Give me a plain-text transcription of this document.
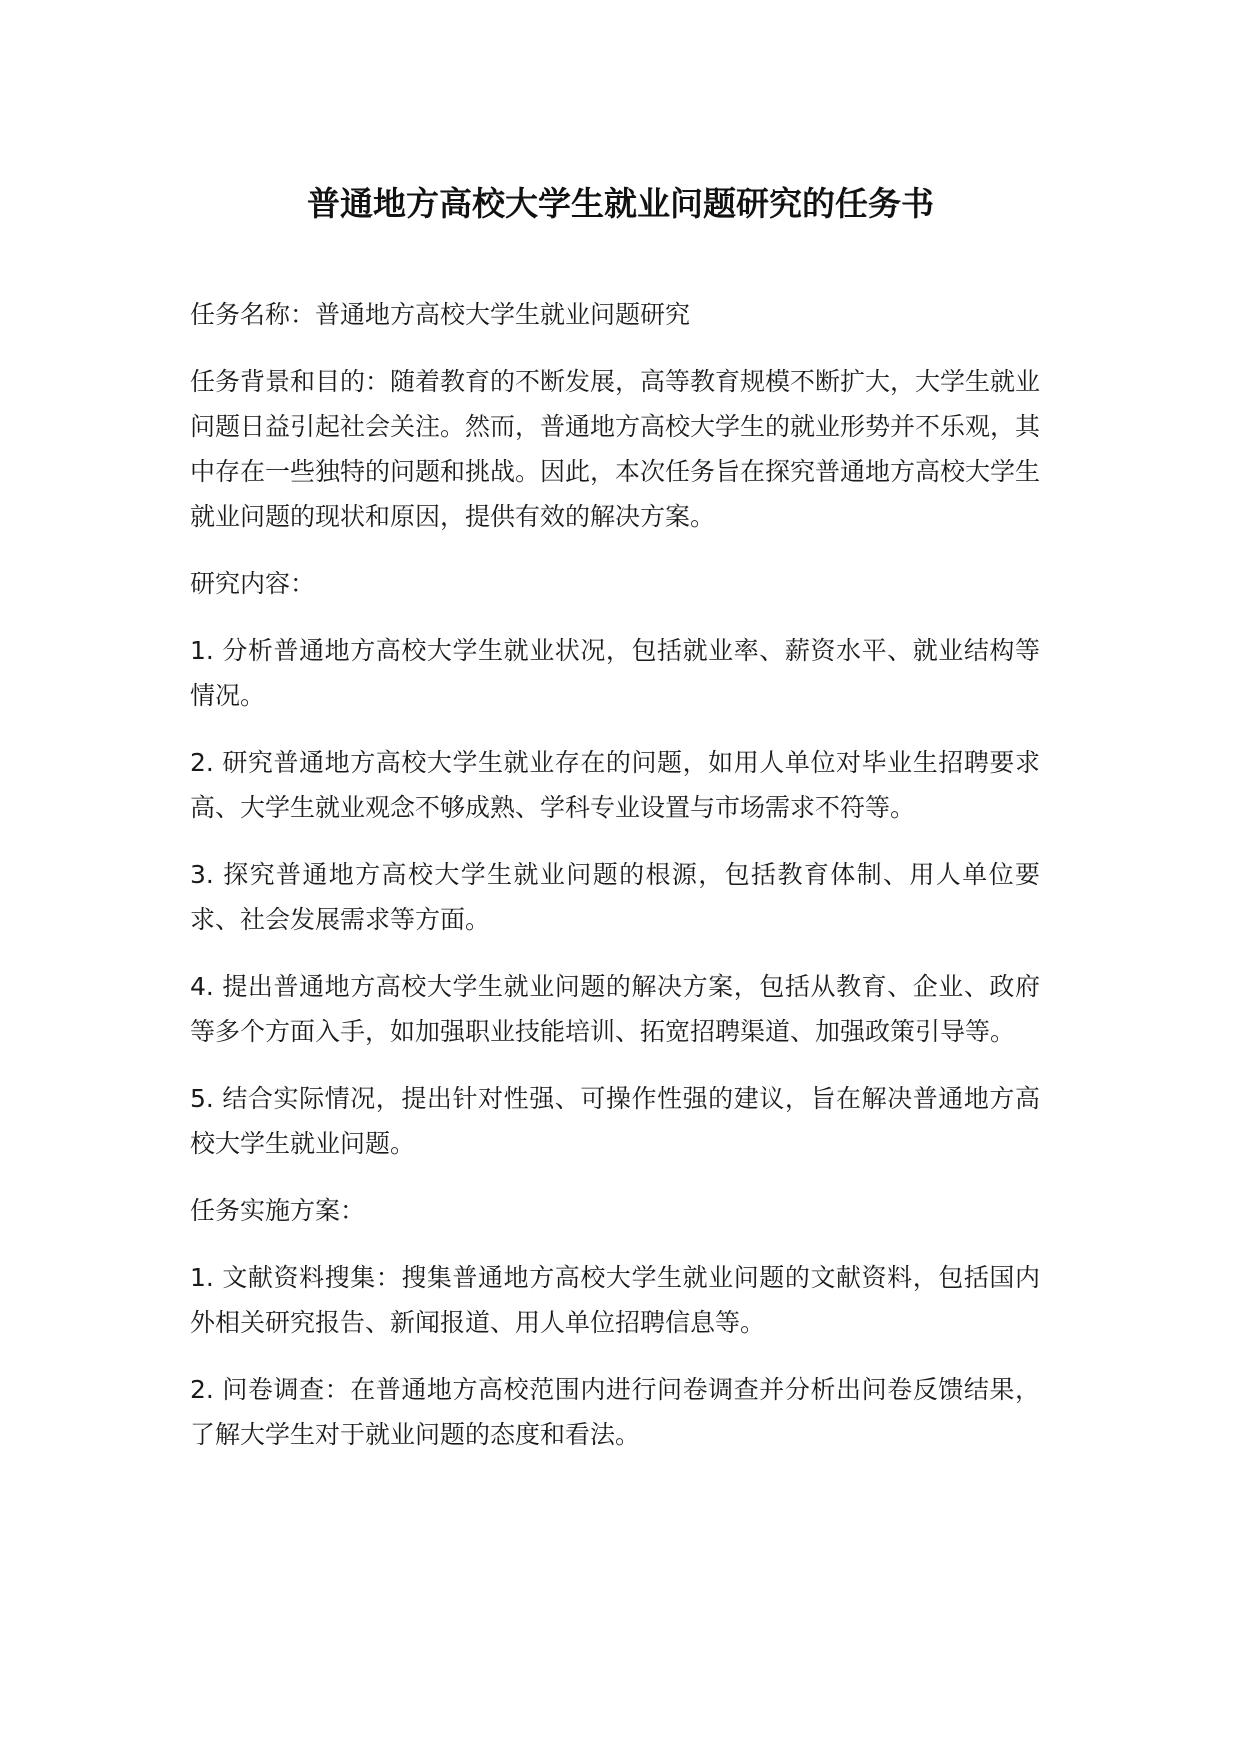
普通地方高校大学生就业问题研究的任务书

任务名称：普通地方高校大学生就业问题研究

任务背景和目的：随着教育的不断发展，高等教育规模不断扩大，大学生就业问题日益引起社会关注。然而，普通地方高校大学生的就业形势并不乐观，其中存在一些独特的问题和挑战。因此，本次任务旨在探究普通地方高校大学生就业问题的现状和原因，提供有效的解决方案。

研究内容：

1. 分析普通地方高校大学生就业状况，包括就业率、薪资水平、就业结构等情况。

2. 研究普通地方高校大学生就业存在的问题，如用人单位对毕业生招聘要求高、大学生就业观念不够成熟、学科专业设置与市场需求不符等。

3. 探究普通地方高校大学生就业问题的根源，包括教育体制、用人单位要求、社会发展需求等方面。

4. 提出普通地方高校大学生就业问题的解决方案，包括从教育、企业、政府等多个方面入手，如加强职业技能培训、拓宽招聘渠道、加强政策引导等。

5. 结合实际情况，提出针对性强、可操作性强的建议，旨在解决普通地方高校大学生就业问题。

任务实施方案：

1. 文献资料搜集：搜集普通地方高校大学生就业问题的文献资料，包括国内外相关研究报告、新闻报道、用人单位招聘信息等。

2. 问卷调查：在普通地方高校范围内进行问卷调查并分析出问卷反馈结果，了解大学生对于就业问题的态度和看法。
